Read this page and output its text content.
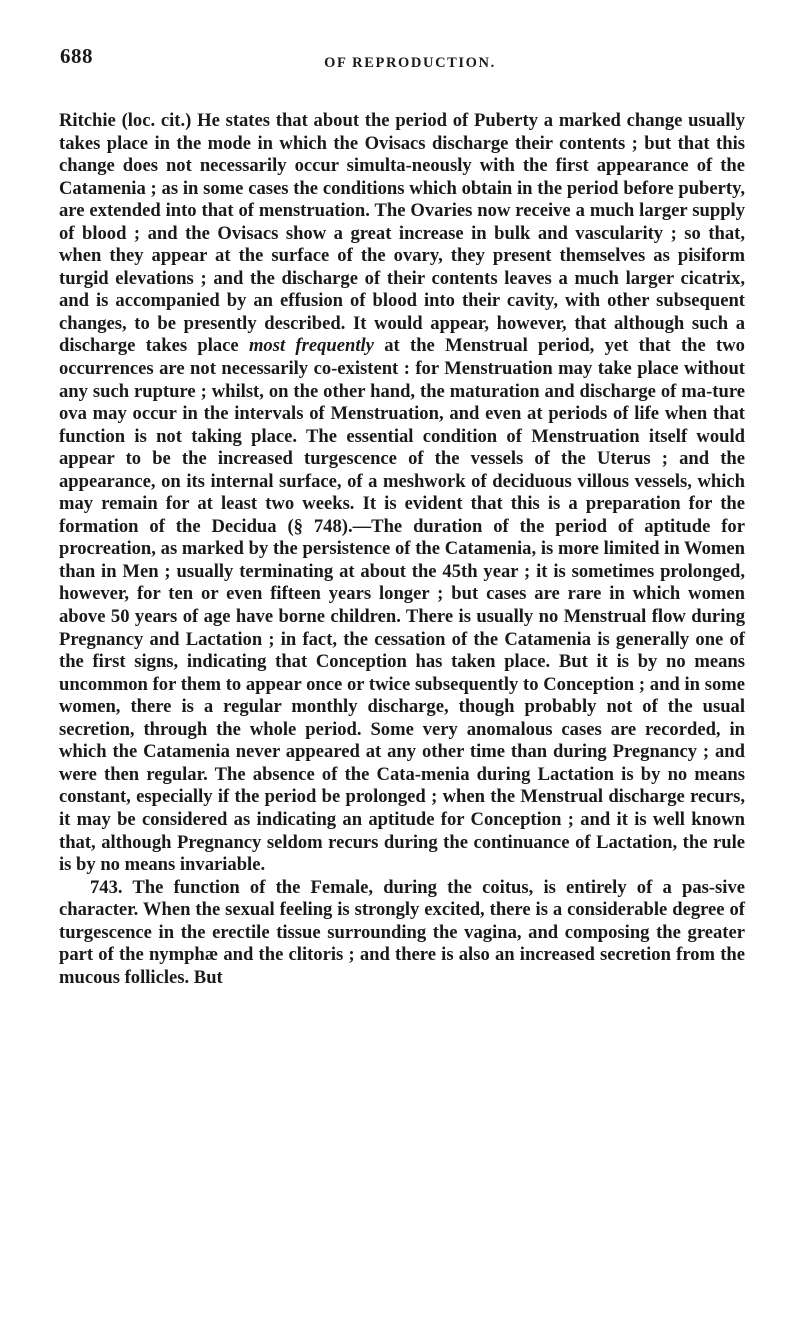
688	OF REPRODUCTION.

Ritchie (loc. cit.) He states that about the period of Puberty a marked change usually takes place in the mode in which the Ovisacs discharge their contents ; but that this change does not necessarily occur simulta-neously with the first appearance of the Catamenia ; as in some cases the conditions which obtain in the period before puberty, are extended into that of menstruation. The Ovaries now receive a much larger supply of blood ; and the Ovisacs show a great increase in bulk and vascularity ; so that, when they appear at the surface of the ovary, they present themselves as pisiform turgid elevations ; and the discharge of their contents leaves a much larger cicatrix, and is accompanied by an effusion of blood into their cavity, with other subsequent changes, to be presently described. It would appear, however, that although such a discharge takes place most frequently at the Menstrual period, yet that the two occurrences are not necessarily co-existent : for Menstruation may take place without any such rupture ; whilst, on the other hand, the maturation and discharge of ma-ture ova may occur in the intervals of Menstruation, and even at periods of life when that function is not taking place. The essential condition of Menstruation itself would appear to be the increased turgescence of the vessels of the Uterus ; and the appearance, on its internal surface, of a meshwork of deciduous villous vessels, which may remain for at least two weeks. It is evident that this is a preparation for the formation of the Decidua (§ 748).—The duration of the period of aptitude for procreation, as marked by the persistence of the Catamenia, is more limited in Women than in Men ; usually terminating at about the 45th year ; it is sometimes prolonged, however, for ten or even fifteen years longer ; but cases are rare in which women above 50 years of age have borne children. There is usually no Menstrual flow during Pregnancy and Lactation ; in fact, the cessation of the Catamenia is generally one of the first signs, indicating that Conception has taken place. But it is by no means uncommon for them to appear once or twice subsequently to Conception ; and in some women, there is a regular monthly discharge, though probably not of the usual secretion, through the whole period. Some very anomalous cases are recorded, in which the Catamenia never appeared at any other time than during Pregnancy ; and were then regular. The absence of the Cata-menia during Lactation is by no means constant, especially if the period be prolonged ; when the Menstrual discharge recurs, it may be considered as indicating an aptitude for Conception ; and it is well known that, although Pregnancy seldom recurs during the continuance of Lactation, the rule is by no means invariable.

743. The function of the Female, during the coitus, is entirely of a pas-sive character. When the sexual feeling is strongly excited, there is a considerable degree of turgescence in the erectile tissue surrounding the vagina, and composing the greater part of the nymphæ and the clitoris ; and there is also an increased secretion from the mucous follicles. But
